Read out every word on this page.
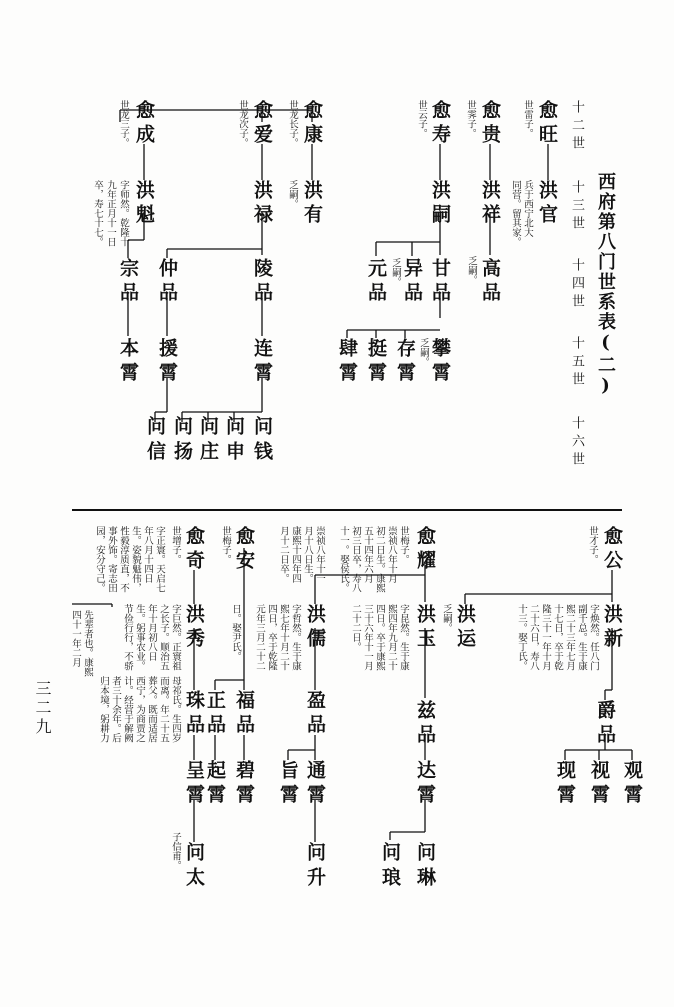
西府第八门世系表(二)
十二世
十三世
十四世
十五世
十六世
愈旺
世雷子。
愈贵
世霁子。
愈寿
世云子。
愈康
世龙长子。
愈爱
世龙次子。
愈成
世龙三子。
洪官
兵于西宁北大
同营。留其家。
洪祥
乏嗣。
洪嗣
洪有
乏嗣。
洪禄
洪魁
字师然。乾隆十
九年正月十一日
卒，寿七十七。
高品
甘品
异品
乏嗣。
元品
陵品
仲品
宗品
攀霄
乏嗣。
存霄
挺霄
肆霄
连霄
援霄
本霄
问钱
问申
问庄
问扬
问信
愈公
世才子。
愈耀
世梅子。
崇祯八年十月
初二日生。康熙
五十四年六月
初三日卒，寿八
十一。娶侯氏。
愈安
世梅子。	崇祯八年十一
月十八日生。
康熙十四年四
月十二日卒。
愈奇
世增子。
字正寰。天启七
年八月十四日
生。姿貌魁伟，
性毅淳质直，不
事外饰。寄志田
园，安分守己。
洪新
字焕然。任八门
副千总。生于康
熙二十三年七月
十七日，卒于乾
隆三十一年十月
二十六日，寿八
十三。娶丁氏。
洪运
乏嗣。
洪玉
字昆然。生于康
熙四年九月二十
四日。卒于康熙
三十六年十一月
二十二日。
洪儒
字哲然。生于康
熙七年十月二十
四日，卒于乾隆
元年三月二十二
日。娶尹氏。
洪秀
字巨然。正寰祖
之长子。顺治五
年十月初八日
生。躬事农业。
节俭行行，不骄
母祁氏。生四岁
而离。年二十五
葬父。既而适居
西宁，为商贾之
计。经营于解阙
者三十余年。后
归本境，躬耕力
先辈者也。康熙
四十一年二月
爵品
兹品
盈品
福品
正品
珠品
观霄
视霄
现霄
达霄
通霄
旨霄
碧霄
起霄
呈霄
问琳
问琅
问升
问太
子信甫。
三二九
